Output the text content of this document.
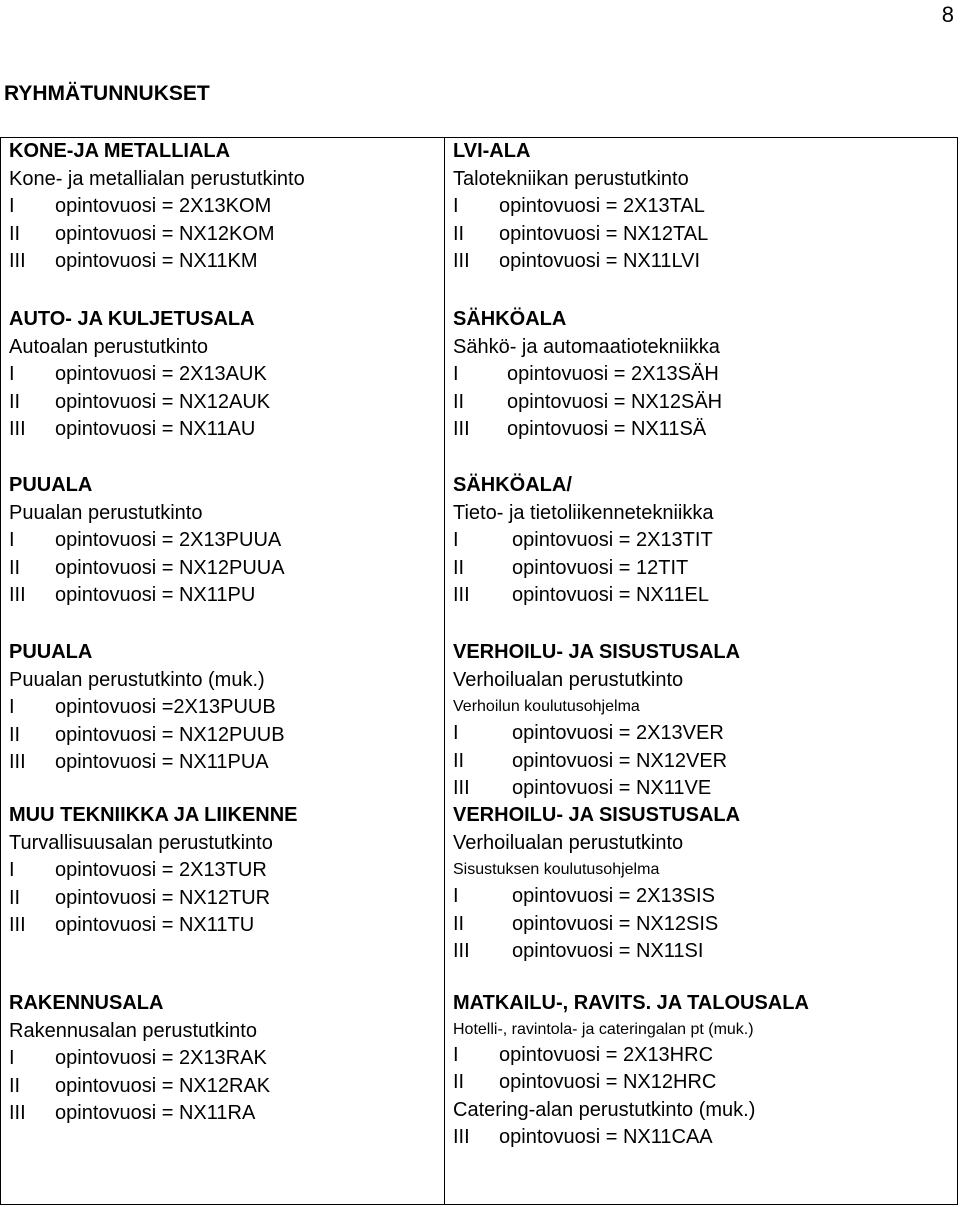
8
RYHMÄTUNNUKSET
KONE-JA METALLIALA
Kone- ja metallialan perustutkinto
I opintovuosi = 2X13KOM
II opintovuosi = NX12KOM
III opintovuosi = NX11KM
AUTO- JA KULJETUSALA
Autoalan perustutkinto
I opintovuosi = 2X13AUK
II opintovuosi = NX12AUK
III opintovuosi = NX11AU
PUUALA
Puualan perustutkinto
I opintovuosi = 2X13PUUA
II opintovuosi = NX12PUUA
III opintovuosi = NX11PU
PUUALA
Puualan perustutkinto (muk.)
I opintovuosi =2X13PUUB
II opintovuosi = NX12PUUB
III opintovuosi = NX11PUA
MUU TEKNIIKKA JA LIIKENNE
Turvallisuusalan perustutkinto
I opintovuosi = 2X13TUR
II opintovuosi = NX12TUR
III opintovuosi = NX11TU
RAKENNUSALA
Rakennusalan perustutkinto
I opintovuosi = 2X13RAK
II opintovuosi = NX12RAK
III opintovuosi = NX11RA
LVI-ALA
Talotekniikan perustutkinto
I opintovuosi = 2X13TAL
II opintovuosi = NX12TAL
III opintovuosi = NX11LVI
SÄHKÖALA
Sähkö- ja automaatiotekniikka
I opintovuosi = 2X13SÄH
II opintovuosi = NX12SÄH
III opintovuosi = NX11SÄ
SÄHKÖALA/
Tieto- ja tietoliikennetekniikka
I	opintovuosi = 2X13TIT
II opintovuosi = 12TIT
III opintovuosi = NX11EL
VERHOILU- JA SISUSTUSALA
Verhoilualan perustutkinto
Verhoilun koulutusohjelma
I	opintovuosi = 2X13VER
II opintovuosi = NX12VER
III opintovuosi = NX11VE
VERHOILU- JA SISUSTUSALA
Verhoilualan perustutkinto
Sisustuksen koulutusohjelma
I	opintovuosi = 2X13SIS
II opintovuosi = NX12SIS
III opintovuosi = NX11SI
MATKAILU-, RAVITS. JA TALOUSALA
Hotelli-, ravintola- ja cateringalan pt (muk.)
I opintovuosi = 2X13HRC
II opintovuosi = NX12HRC
Catering-alan perustutkinto (muk.)
III opintovuosi = NX11CAA
